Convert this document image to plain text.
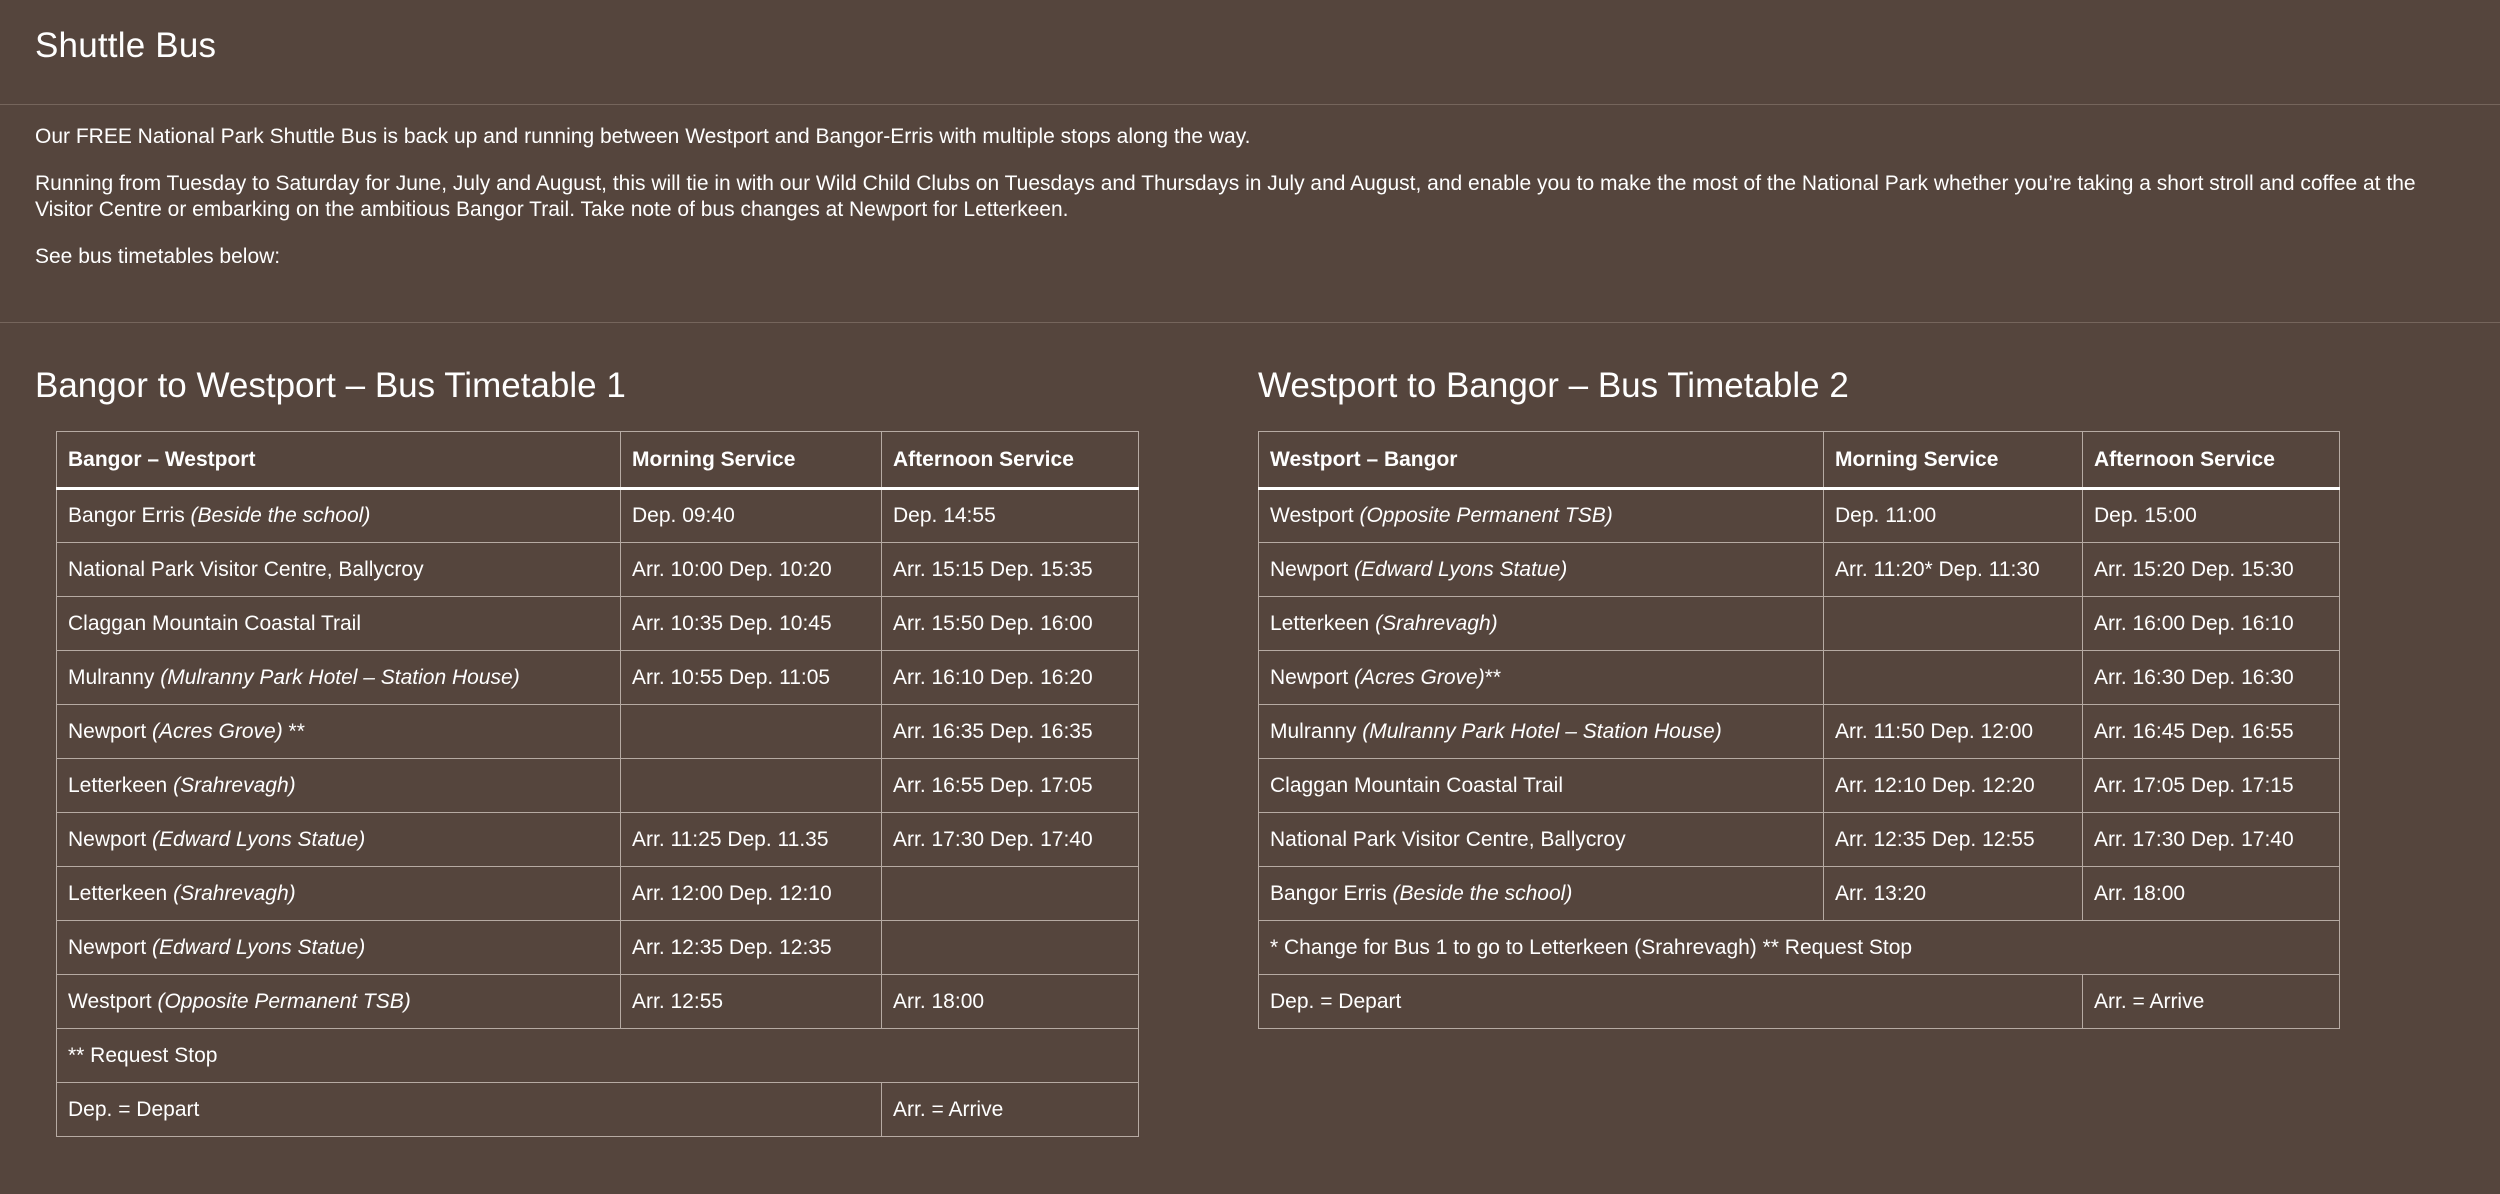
Shuttle Bus

Our FREE National Park Shuttle Bus is back up and running between Westport and Bangor-Erris with multiple stops along the way.

Running from Tuesday to Saturday for June, July and August, this will tie in with our Wild Child Clubs on Tuesdays and Thursdays in July and August, and enable you to make the most of the National Park whether you’re taking a short stroll and coffee at the Visitor Centre or embarking on the ambitious Bangor Trail. Take note of bus changes at Newport for Letterkeen.

See bus timetables below:

Bangor to Westport – Bus Timetable 1	Westport to Bangor – Bus Timetable 2
Bangor – Westport	Morning Service	Afternoon Service
Bangor Erris (Beside the school)	Dep. 09:40	Dep. 14:55
National Park Visitor Centre, Ballycroy	Arr. 10:00 Dep. 10:20	Arr. 15:15 Dep. 15:35
Claggan Mountain Coastal Trail	Arr. 10:35 Dep. 10:45	Arr. 15:50 Dep. 16:00
Mulranny (Mulranny Park Hotel – Station House)	Arr. 10:55 Dep. 11:05	Arr. 16:10 Dep. 16:20
Newport (Acres Grove) **		Arr. 16:35 Dep. 16:35
Letterkeen (Srahrevagh)		Arr. 16:55 Dep. 17:05
Newport (Edward Lyons Statue)	Arr. 11:25 Dep. 11.35	Arr. 17:30 Dep. 17:40
Letterkeen (Srahrevagh)	Arr. 12:00 Dep. 12:10	
Newport (Edward Lyons Statue)	Arr. 12:35 Dep. 12:35	
Westport (Opposite Permanent TSB)	Arr. 12:55	Arr. 18:00
** Request Stop		
Dep. = Depart		Arr. = Arrive
Westport – Bangor	Morning Service	Afternoon Service
Westport (Opposite Permanent TSB)	Dep. 11:00	Dep. 15:00
Newport (Edward Lyons Statue)	Arr. 11:20* Dep. 11:30	Arr. 15:20 Dep. 15:30
Letterkeen (Srahrevagh)		Arr. 16:00 Dep. 16:10
Newport (Acres Grove)**		Arr. 16:30 Dep. 16:30
Mulranny (Mulranny Park Hotel – Station House)	Arr. 11:50 Dep. 12:00	Arr. 16:45 Dep. 16:55
Claggan Mountain Coastal Trail	Arr. 12:10 Dep. 12:20	Arr. 17:05 Dep. 17:15
National Park Visitor Centre, Ballycroy	Arr. 12:35 Dep. 12:55	Arr. 17:30 Dep. 17:40
Bangor Erris (Beside the school)	Arr. 13:20	Arr. 18:00
* Change for Bus 1 to go to Letterkeen (Srahrevagh) ** Request Stop		
Dep. = Depart		Arr. = Arrive
